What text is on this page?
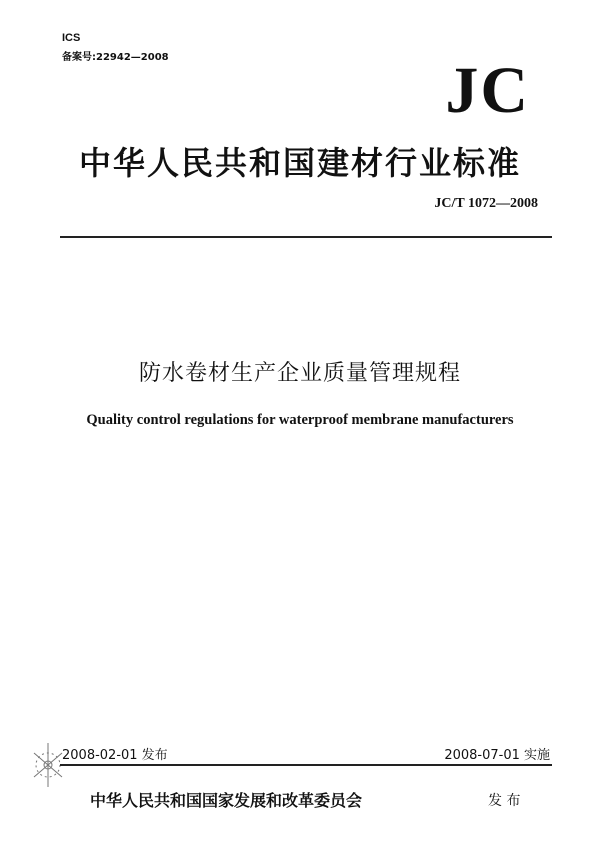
ICS
备案号:22942—2008	JC
中华人民共和国建材行业标准
JC/T 1072—2008
防水卷材生产企业质量管理规程
Quality control regulations for waterproof membrane manufacturers
2008-02-01 发布	2008-07-01 实施
中华人民共和国国家发展和改革委员会	发 布
